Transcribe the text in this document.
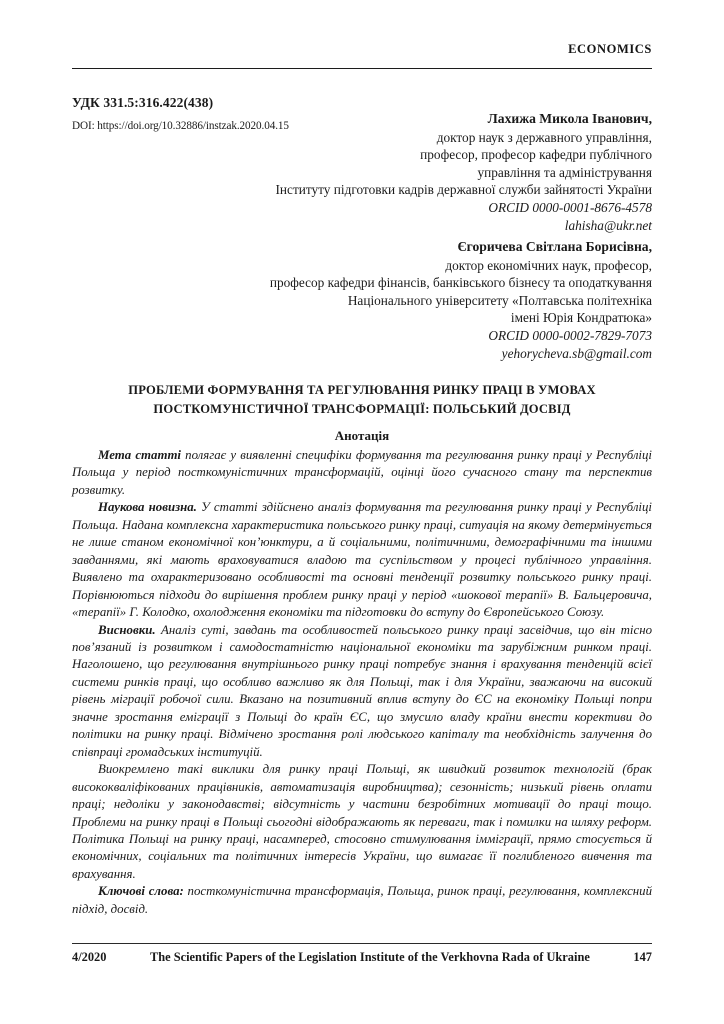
ECONOMICS
УДК 331.5:316.422(438)
DOI: https://doi.org/10.32886/instzak.2020.04.15	Лахижа Микола Іванович,
доктор наук з державного управління,
професор, професор кафедри публічного
управління та адміністрування
Інституту підготовки кадрів державної служби зайнятості України
ORCID 0000-0001-8676-4578
lahisha@ukr.net
Єгоричева Світлана Борисівна,
доктор економічних наук, професор,
професор кафедри фінансів, банківського бізнесу та оподаткування
Національного університету «Полтавська політехніка
імені Юрія Кондратюка»
ORCID 0000-0002-7829-7073
yehorycheva.sb@gmail.com
ПРОБЛЕМИ ФОРМУВАННЯ ТА РЕГУЛЮВАННЯ РИНКУ ПРАЦІ В УМОВАХ
ПОСТКОМУНІСТИЧНОЇ ТРАНСФОРМАЦІЇ: ПОЛЬСЬКИЙ ДОСВІД
Анотація

Мета статті полягає у виявленні специфіки формування та регулювання ринку праці у Республіці Польща у період посткомуністичних трансформацій, оцінці його сучасного стану та перспектив розвитку.

Наукова новизна. У статті здійснено аналіз формування та регулювання ринку праці у Республіці Польща. Надана комплексна характеристика польського ринку праці, ситуація на якому детермінується не лише станом економічної кон’юнктури, а й соціальними, політичними, демографічними та іншими завданнями, які мають враховуватися владою та суспільством у процесі публічного управління. Виявлено та охарактеризовано особливості та основні тенденції розвитку польського ринку праці. Порівнюються підходи до вирішення проблем ринку праці у період «шокової терапії» В. Бальцеровича, «терапії» Г. Колодко, охолодження економіки та підготовки до вступу до Європейського Союзу.

Висновки. Аналіз суті, завдань та особливостей польського ринку праці засвідчив, що він тісно пов’язаний із розвитком і самодостатністю національної економіки та зарубіжним ринком праці. Наголошено, що регулювання внутрішнього ринку праці потребує знання і врахування тенденцій всієї системи ринків праці, що особливо важливо як для Польщі, так і для України, зважаючи на високий рівень міграції робочої сили. Вказано на позитивний вплив вступу до ЄС на економіку Польщі попри значне зростання еміграції з Польщі до країн ЄС, що змусило владу країни внести корективи до політики на ринку праці. Відмічено зростання ролі людського капіталу та необхідність залучення до співпраці громадських інституцій.

Виокремлено такі виклики для ринку праці Польщі, як швидкий розвиток технологій (брак висококваліфікованих працівників, автоматизація виробництва); сезонність; низький рівень оплати праці; недоліки у законодавстві; відсутність у частини безробітних мотивації до праці тощо. Проблеми на ринку праці в Польщі сьогодні відображають як переваги, так і помилки на шляху реформ. Політика Польщі на ринку праці, насамперед, стосовно стимулювання імміграції, прямо стосується й економічних, соціальних та політичних інтересів України, що вимагає її поглибленого вивчення та врахування.

Ключові слова: посткомуністична трансформація, Польща, ринок праці, регулювання, комплексний підхід, досвід.

4/2020	The Scientific Papers of the Legislation Institute of the Verkhovna Rada of Ukraine	147
